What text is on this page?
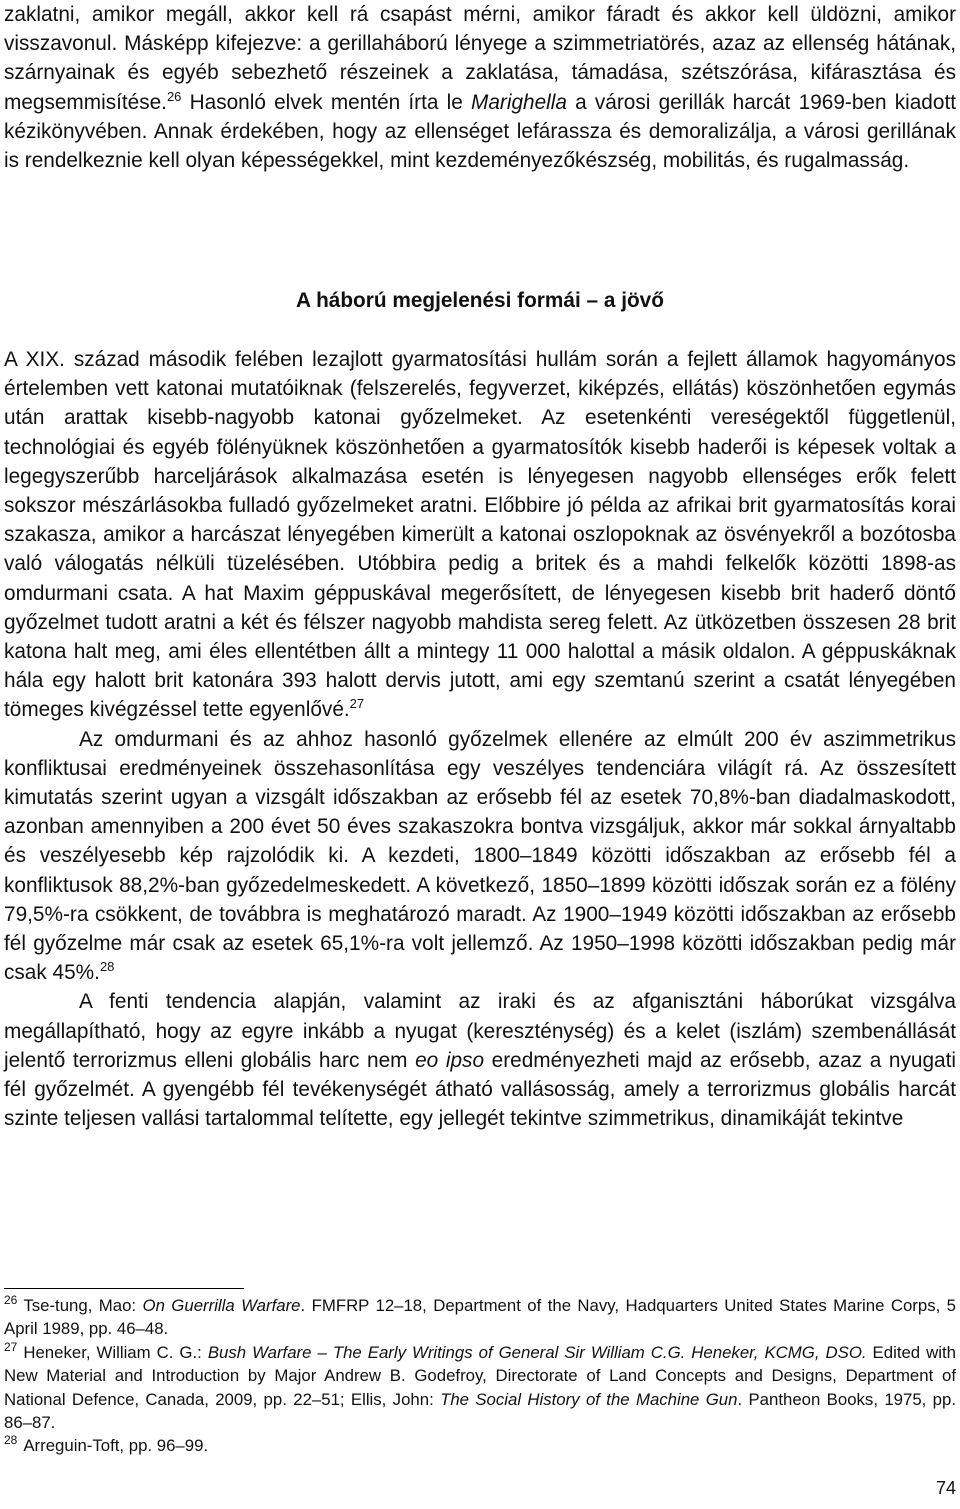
zaklatni, amikor megáll, akkor kell rá csapást mérni, amikor fáradt és akkor kell üldözni, amikor visszavonul. Másképp kifejezve: a gerillaháború lényege a szimmetriatörés, azaz az ellenség hátának, szárnyainak és egyéb sebezhető részeinek a zaklatása, támadása, szétszórása, kifárasztása és megsemmisítése.$^{26}$ Hasonló elvek mentén írta le Marighella a városi gerillák harcát 1969-ben kiadott kézikönyvében. Annak érdekében, hogy az ellenséget lefárassza és demoralizálja, a városi gerillának is rendelkeznie kell olyan képességekkel, mint kezdeményezőkészség, mobilitás, és rugalmasság.

A háború megjelenési formái – a jövő

A XIX. század második felében lezajlott gyarmatosítási hullám során a fejlett államok hagyományos értelemben vett katonai mutatóiknak (felszerelés, fegyverzet, kiképzés, ellátás) köszönhetően egymás után arattak kisebb-nagyobb katonai győzelmeket. Az esetenkénti vereségektől függetlenül, technológiai és egyéb fölényüknek köszönhetően a gyarmatosítók kisebb haderői is képesek voltak a legegyszerűbb harceljárások alkalmazása esetén is lényegesen nagyobb ellenséges erők felett sokszor mészárlásokba fulladó győzelmeket aratni. Előbbire jó példa az afrikai brit gyarmatosítás korai szakasza, amikor a harcászat lényegében kimerült a katonai oszlopoknak az ösvényekről a bozótosba való válogatás nélküli tüzelésében. Utóbbira pedig a britek és a mahdi felkelők közötti 1898-as omdurmani csata. A hat Maxim géppuskával megerősített, de lényegesen kisebb brit haderő döntő győzelmet tudott aratni a két és félszer nagyobb mahdista sereg felett. Az ütközetben összesen 28 brit katona halt meg, ami éles ellentétben állt a mintegy 11 000 halottal a másik oldalon. A géppuskáknak hála egy halott brit katonára 393 halott dervis jutott, ami egy szemtanú szerint a csatát lényegében tömeges kivégzéssel tette egyenlővé.$^{27}$

Az omdurmani és az ahhoz hasonló győzelmek ellenére az elmúlt 200 év aszimmetrikus konfliktusai eredményeinek összehasonlítása egy veszélyes tendenciára világít rá. Az összesített kimutatás szerint ugyan a vizsgált időszakban az erősebb fél az esetek 70,8%-ban diadalmaskodott, azonban amennyiben a 200 évet 50 éves szakaszokra bontva vizsgáljuk, akkor már sokkal árnyaltabb és veszélyesebb kép rajzolódik ki. A kezdeti, 1800–1849 közötti időszakban az erősebb fél a konfliktusok 88,2%-ban győzedelmeskedett. A következő, 1850–1899 közötti időszak során ez a fölény 79,5%-ra csökkent, de továbbra is meghatározó maradt. Az 1900–1949 közötti időszakban az erősebb fél győzelme már csak az esetek 65,1%-ra volt jellemző. Az 1950–1998 közötti időszakban pedig már csak 45%.$^{28}$

A fenti tendencia alapján, valamint az iraki és az afganisztáni háborúkat vizsgálva megállapítható, hogy az egyre inkább a nyugat (kereszténység) és a kelet (iszlám) szembenállását jelentő terrorizmus elleni globális harc nem eo ipso eredményezheti majd az erősebb, azaz a nyugati fél győzelmét. A gyengébb fél tevékenységét átható vallásosság, amely a terrorizmus globális harcát szinte teljesen vallási tartalommal telítette, egy jellegét tekintve szimmetrikus, dinamikáját tekintve

$^{26}$ Tse-tung, Mao: On Guerrilla Warfare. FMFRP 12–18, Department of the Navy, Hadquarters United States Marine Corps, 5 April 1989, pp. 46–48.

$^{27}$ Heneker, William C. G.: Bush Warfare – The Early Writings of General Sir William C.G. Heneker, KCMG, DSO. Edited with New Material and Introduction by Major Andrew B. Godefroy, Directorate of Land Concepts and Designs, Department of National Defence, Canada, 2009, pp. 22–51; Ellis, John: The Social History of the Machine Gun. Pantheon Books, 1975, pp. 86–87.

$^{28}$ Arreguin-Toft, pp. 96–99.

74
